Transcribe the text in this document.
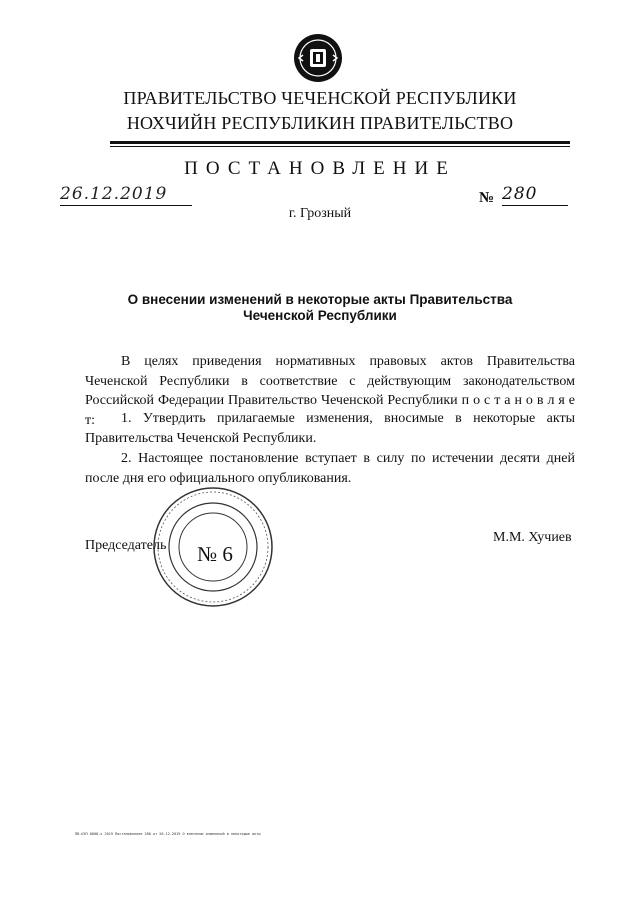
ПРАВИТЕЛЬСТВО ЧЕЧЕНСКОЙ РЕСПУБЛИКИ
НОХЧИЙН РЕСПУБЛИКИН ПРАВИТЕЛЬСТВО
ПОСТАНОВЛЕНИЕ
26.12.2019	№ 280
г. Грозный
О внесении изменений в некоторые акты Правительства
Чеченской Республики
В целях приведения нормативных правовых актов Правительства Чеченской Республики в соответствие с действующим законодательством Российской Федерации Правительство Чеченской Республики п о с т а н о в л я е т:	1. Утвердить прилагаемые изменения, вносимые в некоторые акты Правительства Чеченской Республики.
2. Настоящее постановление вступает в силу по истечении десяти дней после дня его официального опубликования.
№ 6
Председатель
М.М. Хучиев
ПВ-КЭП 0008-х 2019 Постановление 280 от 26.12.2019 О внесении изменений в некоторые акты
